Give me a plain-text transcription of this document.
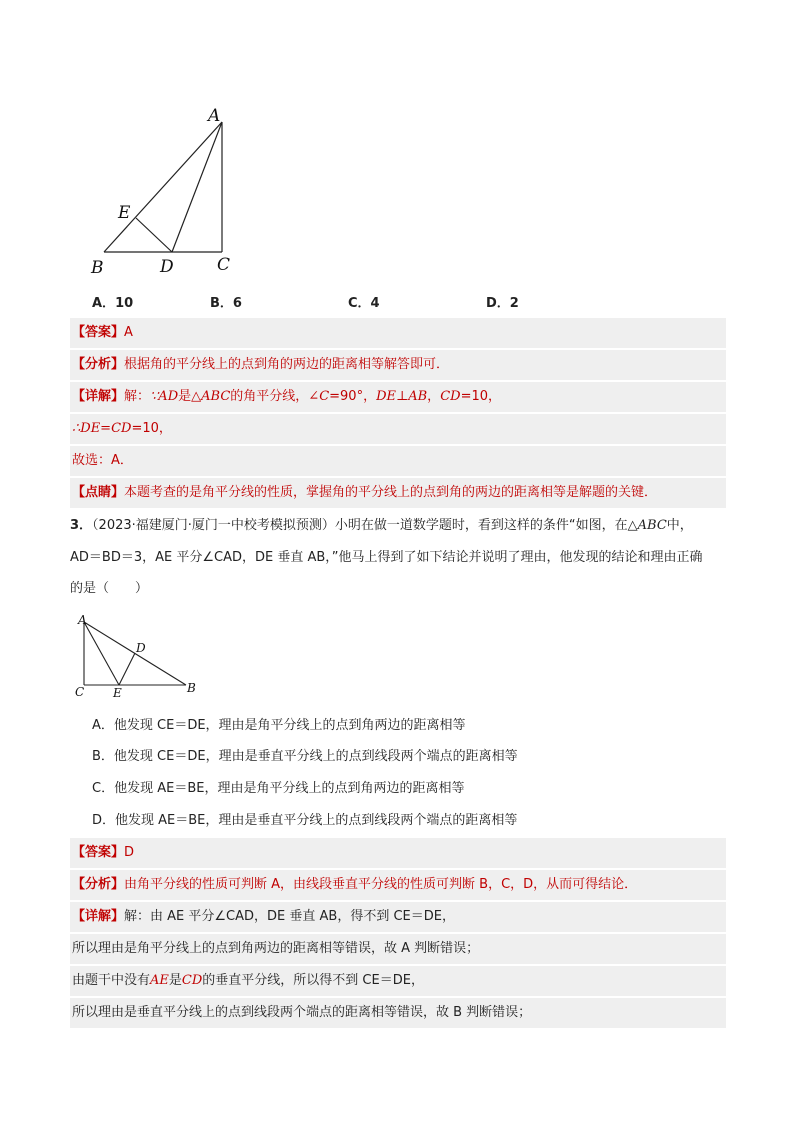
A
E
B	D	C
A．10	B．6	C．4	D．2
【答案】A
【分析】根据角的平分线上的点到角的两边的距离相等解答即可．
【详解】解：∵AD是△ABC的角平分线，∠C=90°，DE⊥AB，CD=10，
∴DE=CD=10，
故选：A．
【点睛】本题考查的是角平分线的性质，掌握角的平分线上的点到角的两边的距离相等是解题的关键．
3．（2023·福建厦门·厦门一中校考模拟预测）小明在做一道数学题时，看到这样的条件“如图，在△ABC中，
AD＝BD＝3，AE 平分∠CAD，DE 垂直 AB，”他马上得到了如下结论并说明了理由，他发现的结论和理由正确
的是（　　）
A
D
C E	B
A．他发现 CE＝DE，理由是角平分线上的点到角两边的距离相等
B．他发现 CE＝DE，理由是垂直平分线上的点到线段两个端点的距离相等
C．他发现 AE＝BE，理由是角平分线上的点到角两边的距离相等
D．他发现 AE＝BE，理由是垂直平分线上的点到线段两个端点的距离相等
【答案】D
【分析】由角平分线的性质可判断 A，由线段垂直平分线的性质可判断 B，C，D，从而可得结论．
【详解】解：由 AE 平分∠CAD，DE 垂直 AB，得不到 CE＝DE，
所以理由是角平分线上的点到角两边的距离相等错误，故 A 判断错误；
由题干中没有AE是CD的垂直平分线，所以得不到 CE＝DE，
所以理由是垂直平分线上的点到线段两个端点的距离相等错误，故 B 判断错误；
